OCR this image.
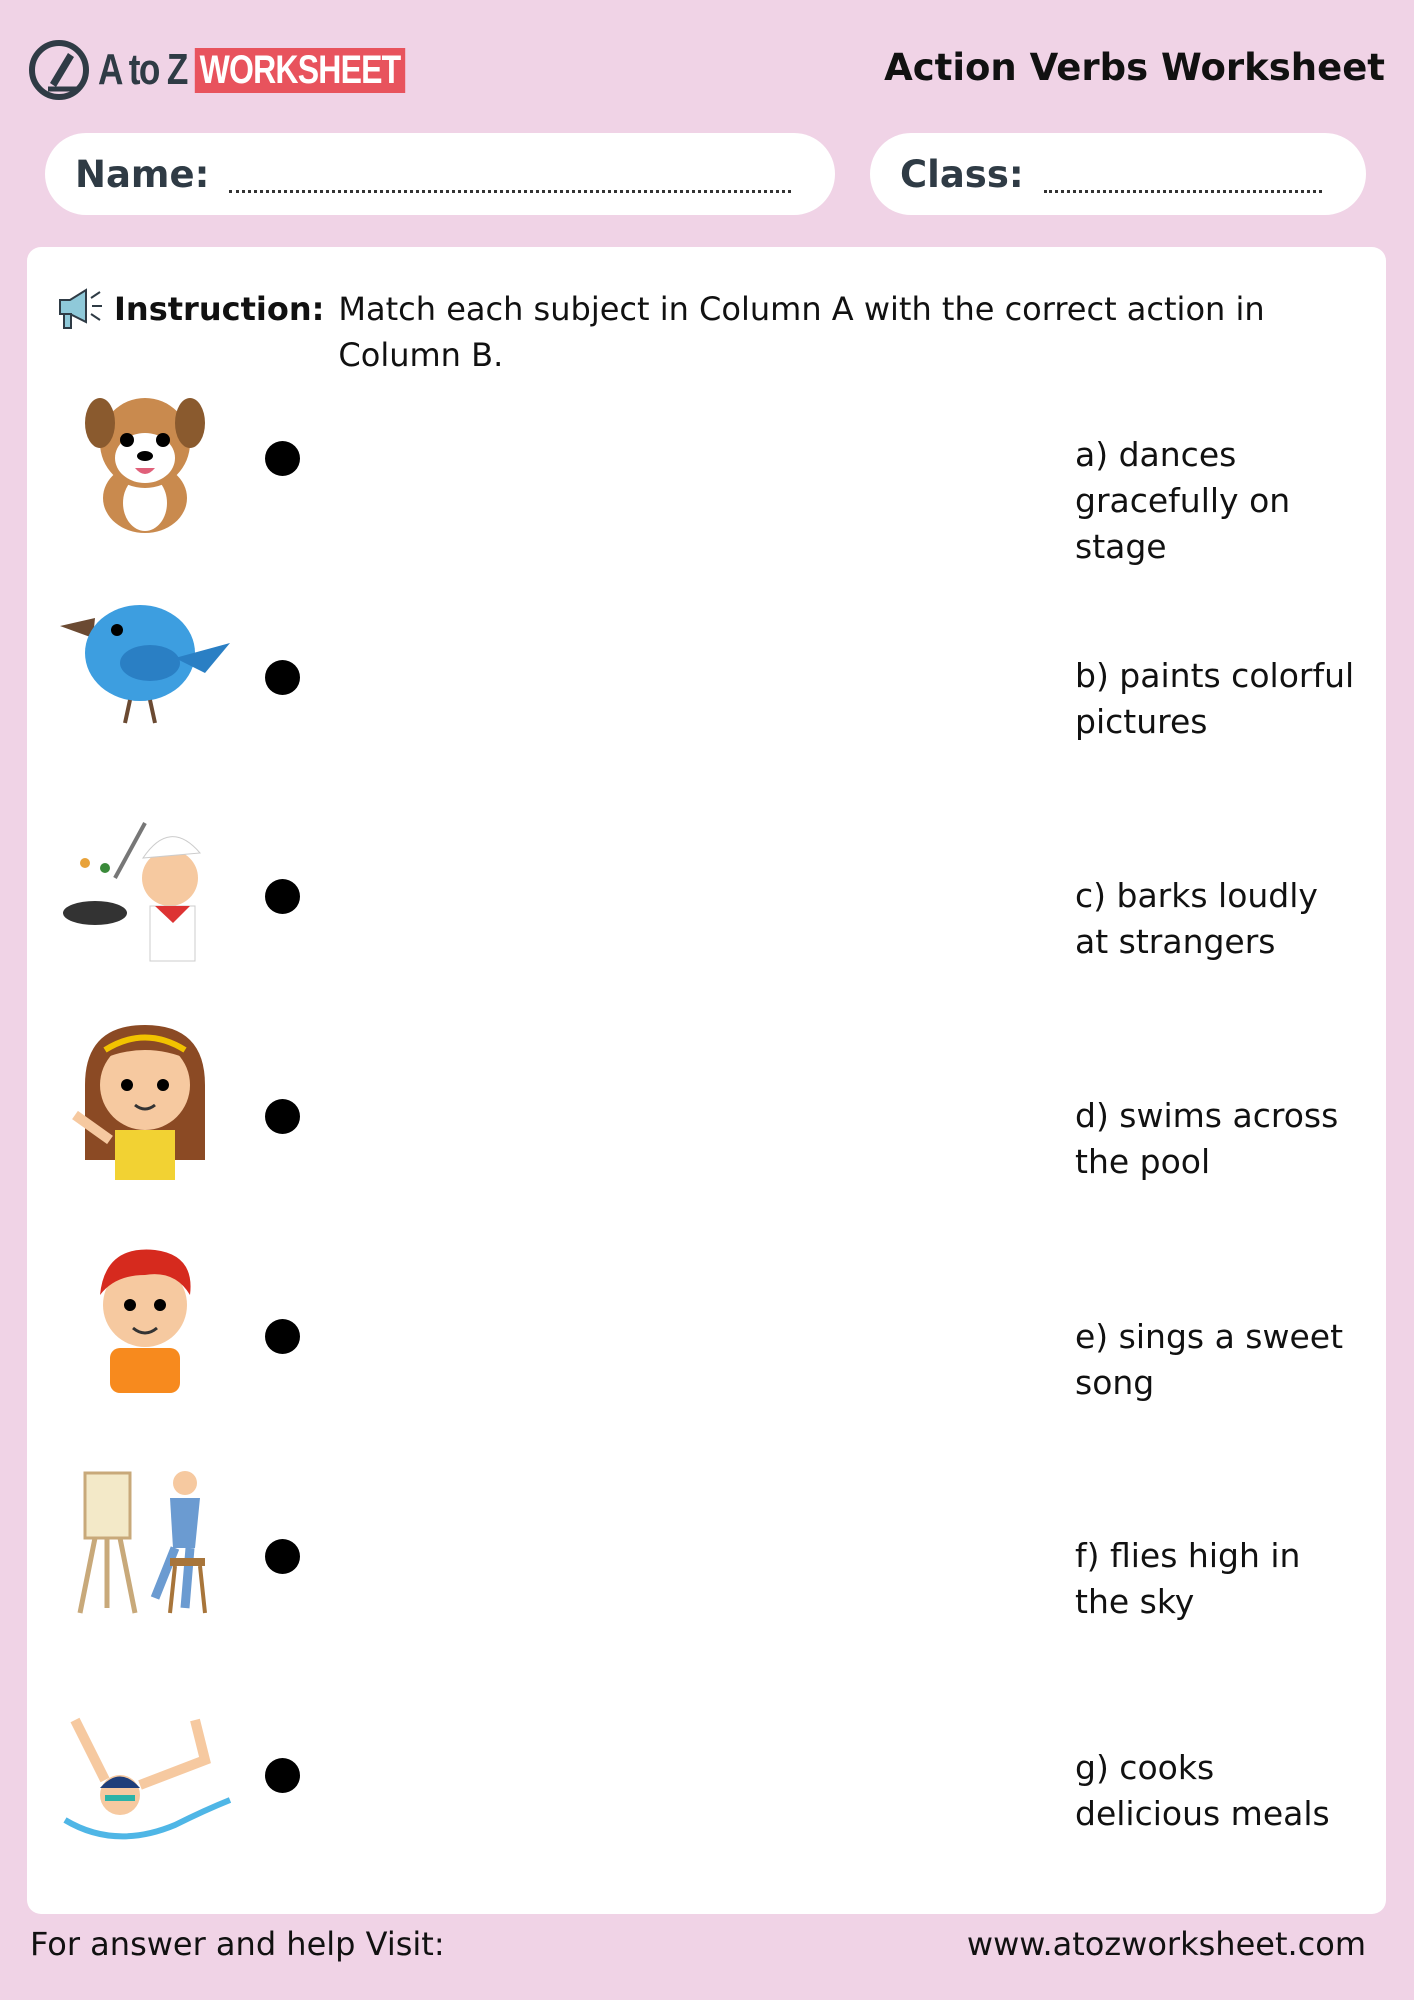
A to Z WORKSHEET	Action Verbs Worksheet
Name:	Class:
Instruction: Match each subject in Column A with the correct action in Column B.
a) dances gracefully on stage
b) paints colorful pictures
c) barks loudly at strangers
d) swims across the pool
e) sings a sweet song
f) flies high in the sky
g) cooks delicious meals
For answer and help Visit:	www.atozworksheet.com
